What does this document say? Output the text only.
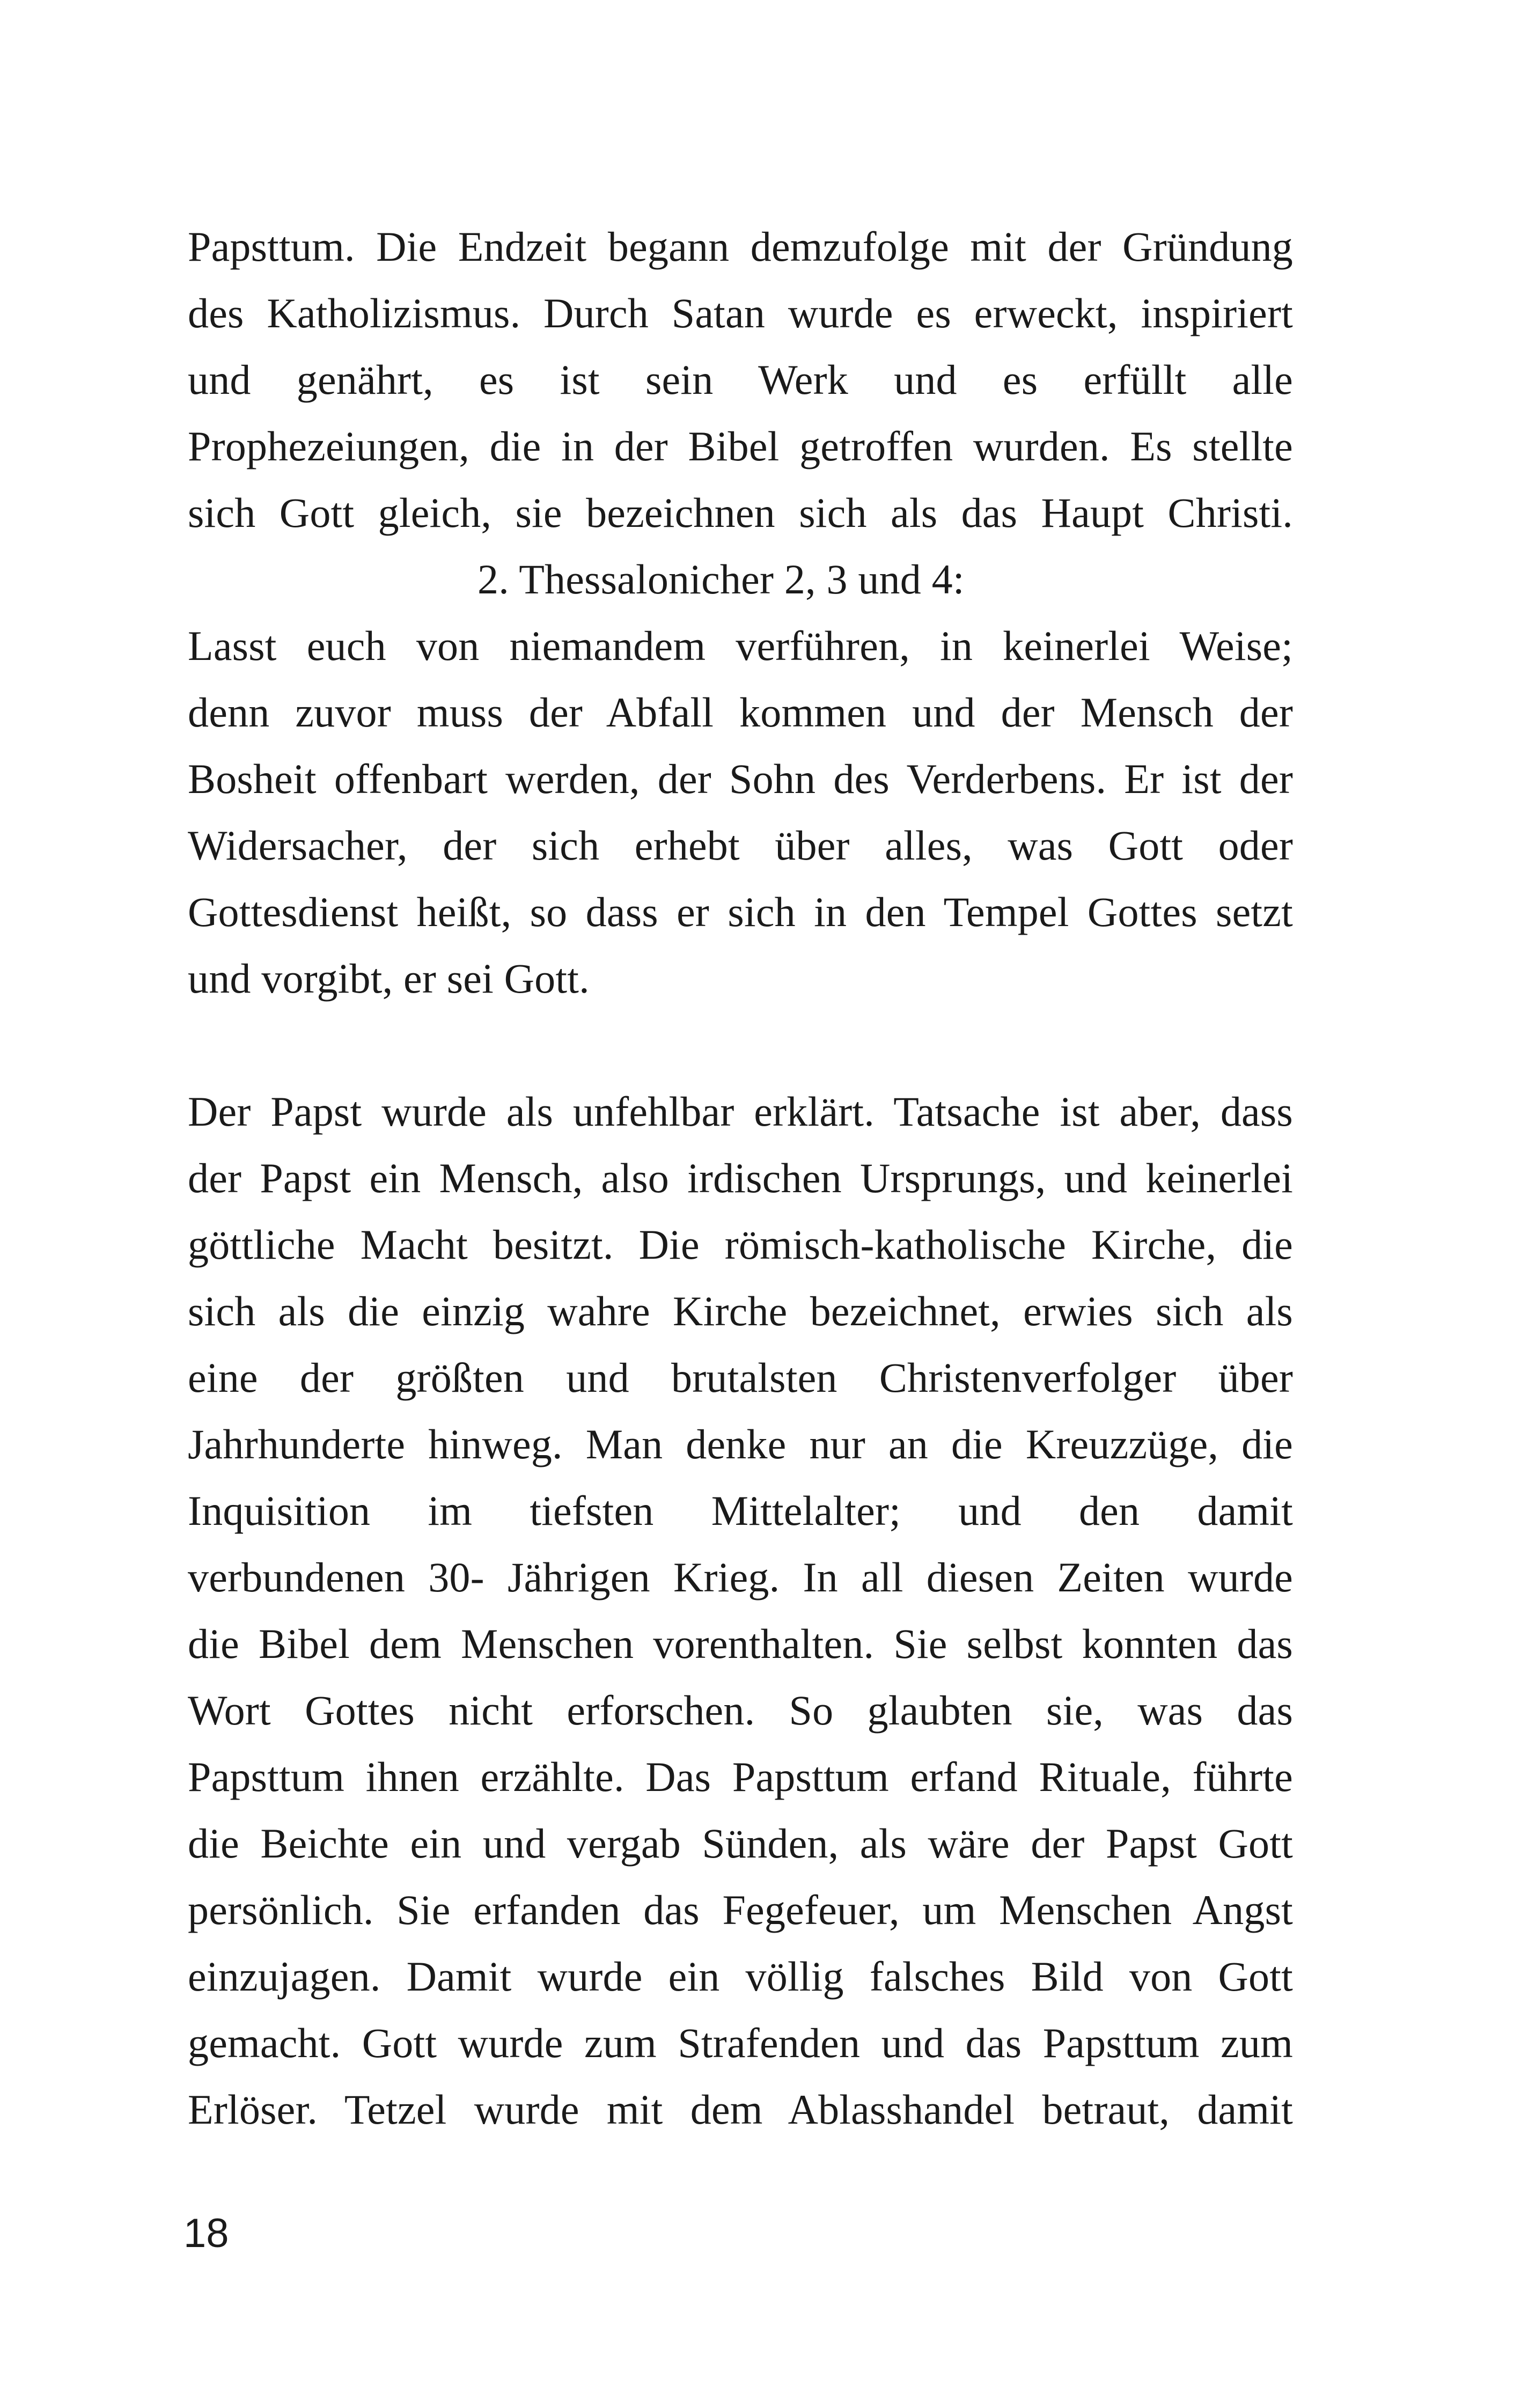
Papsttum. Die Endzeit begann demzufolge mit der Gründung
des Katholizismus. Durch Satan wurde es erweckt, inspiriert
und genährt, es ist sein Werk und es erfüllt alle
Prophezeiungen, die in der Bibel getroffen wurden. Es stellte
sich Gott gleich, sie bezeichnen sich als das Haupt Christi.
2. Thessalonicher 2, 3 und 4:
Lasst euch von niemandem verführen, in keinerlei Weise;
denn zuvor muss der Abfall kommen und der Mensch der
Bosheit offenbart werden, der Sohn des Verderbens. Er ist der
Widersacher, der sich erhebt über alles, was Gott oder
Gottesdienst heißt, so dass er sich in den Tempel Gottes setzt
und vorgibt, er sei Gott.
Der Papst wurde als unfehlbar erklärt. Tatsache ist aber, dass
der Papst ein Mensch, also irdischen Ursprungs, und keinerlei
göttliche Macht besitzt. Die römisch-katholische Kirche, die
sich als die einzig wahre Kirche bezeichnet, erwies sich als
eine der größten und brutalsten Christenverfolger über
Jahrhunderte hinweg. Man denke nur an die Kreuzzüge, die
Inquisition im tiefsten Mittelalter; und den damit
verbundenen 30- Jährigen Krieg. In all diesen Zeiten wurde
die Bibel dem Menschen vorenthalten. Sie selbst konnten das
Wort Gottes nicht erforschen. So glaubten sie, was das
Papsttum ihnen erzählte. Das Papsttum erfand Rituale, führte
die Beichte ein und vergab Sünden, als wäre der Papst Gott
persönlich. Sie erfanden das Fegefeuer, um Menschen Angst
einzujagen. Damit wurde ein völlig falsches Bild von Gott
gemacht. Gott wurde zum Strafenden und das Papsttum zum
Erlöser. Tetzel wurde mit dem Ablasshandel betraut, damit
18
